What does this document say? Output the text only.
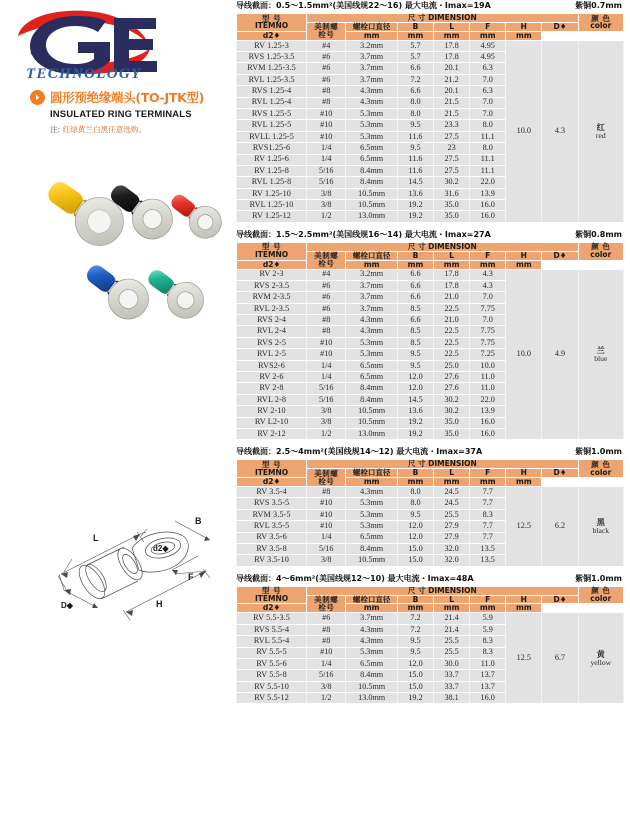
TECHNOLOGY
圆形预绝缘端头(TO-JTK型)
INSULATED RING TERMINALS
注: 红绿黄兰白黑任意选购。
L
B
d2◆
F
H
D◆
导线截面：0.5～1.5mm²(美国线规22～16) 最大电流・Imax=19A	紫铜0.7mm
型 号
ITEMNO	尺 寸 DIMENSION							颜 色
color
	美制螺
栓号	螺栓口直径	B	L	F	H	D♦	
d2♦		mm	mm	mm	mm	mm		
RV 1.25-3	#4	3.2mm	5.7	17.8	4.95	10.0	4.3	红
red

RVS 1.25-3.5	#6	3.7mm	5.7	17.8	4.95			
RVM 1.25-3.5	#6	3.7mm	6.6	20.1	6.3			
RVL 1.25-3.5	#6	3.7mm	7.2	21.2	7.0			
RVS 1.25-4	#8	4.3mm	6.6	20.1	6.3			
RVL 1.25-4	#8	4.3mm	8.0	21.5	7.0			
RVS 1.25-5	#10	5.3mm	8.0	21.5	7.0			
RVL 1.25-5	#10	5.3mm	9.5	23.3	8.0			
RVLL 1.25-5	#10	5.3mm	11.6	27.5	11.1			
RVS1.25-6	1/4	6.5mm	9.5	23	8.0			
RV 1.25-6	1/4	6.5mm	11.6	27.5	11.1			
RV 1.25-8	5/16	8.4mm	11.6	27.5	11.1			
RVL 1.25-8	5/16	8.4mm	14.5	30.2	22.0			
RV 1.25-10	3/8	10.5mm	13.6	31.6	13.9			
RVL 1.25-10	3/8	10.5mm	19.2	35.0	16.0			
RV 1.25-12	1/2	13.0mm	19.2	35.0	16.0			
导线截面：1.5～2.5mm²(美国线规16～14) 最大电流・Imax=27A	紫铜0.8mm
型 号
ITEMNO	尺 寸 DIMENSION							颜 色
color
	美制螺
栓号	螺栓口直径	B	L	F	H	D♦	
d2♦		mm	mm	mm	mm	mm		
RV 2-3	#4	3.2mm	6.6	17.8	4.3	10.0	4.9	兰
blue

RVS 2-3.5	#6	3.7mm	6.6	17.8	4.3			
RVM 2-3.5	#6	3.7mm	6.6	21.0	7.0			
RVL 2-3.5	#6	3.7mm	8.5	22.5	7.75			
RVS 2-4	#8	4.3mm	6.6	21.0	7.0			
RVL 2-4	#8	4.3mm	8.5	22.5	7.75			
RVS 2-5	#10	5.3mm	8.5	22.5	7.75			
RVL 2-5	#10	5.3mm	9.5	22.5	7.25			
RVS2-6	1/4	6.5mm	9.5	25.0	10.0			
RV 2-6	1/4	6.5mm	12.0	27.6	11.0			
RV 2-8	5/16	8.4mm	12.0	27.6	11.0			
RVL 2-8	5/16	8.4mm	14.5	30.2	22.0			
RV 2-10	3/8	10.5mm	13.6	30.2	13.9			
RV L2-10	3/8	10.5mm	19.2	35.0	16.0			
RV 2-12	1/2	13.0mm	19.2	35.0	16.0			
导线截面：2.5～4mm²(美国线规14～12) 最大电流・Imax=37A	紫铜1.0mm
型 号
ITEMNO	尺 寸 DIMENSION							颜 色
color
	美制螺
栓号	螺栓口直径	B	L	F	H	D♦	
d2♦		mm	mm	mm	mm	mm		
RV 3.5-4	#8	4.3mm	8.0	24.5	7.7	12.5	6.2	黑
black

RVS 3.5-5	#10	5.3mm	8.0	24.5	7.7			
RVM 3.5-5	#10	5.3mm	9.5	25.5	8.3			
RVL 3.5-5	#10	5.3mm	12.0	27.9	7.7			
RV 3.5-6	1/4	6.5mm	12.0	27.9	7.7			
RV 3.5-8	5/16	8.4mm	15.0	32.0	13.5			
RV 3.5-10	3/8	10.5mm	15.0	32.0	13.5			
导线截面：4～6mm²(美国线规12～10) 最大电流・Imax=48A	紫铜1.0mm
型 号
ITEMNO	尺 寸 DIMENSION							颜 色
color
	美制螺
栓号	螺栓口直径	B	L	F	H	D♦	
d2♦		mm	mm	mm	mm	mm		
RV 5.5-3.5	#6	3.7mm	7.2	21.4	5.9	12.5	6.7	黄
yellow

RVS 5.5-4	#8	4.3mm	7.2	21.4	5.9			
RVL 5.5-4	#8	4.3mm	9.5	25.5	8.3			
RV 5.5-5	#10	5.3mm	9.5	25.5	8.3			
RV 5.5-6	1/4	6.5mm	12.0	30.0	11.0			
RV 5.5-8	5/16	8.4mm	15.0	33.7	13.7			
RV 5.5-10	3/8	10.5mm	15.0	33.7	13.7			
RV 5.5-12	1/2	13.0mm	19.2	38.1	16.0			
